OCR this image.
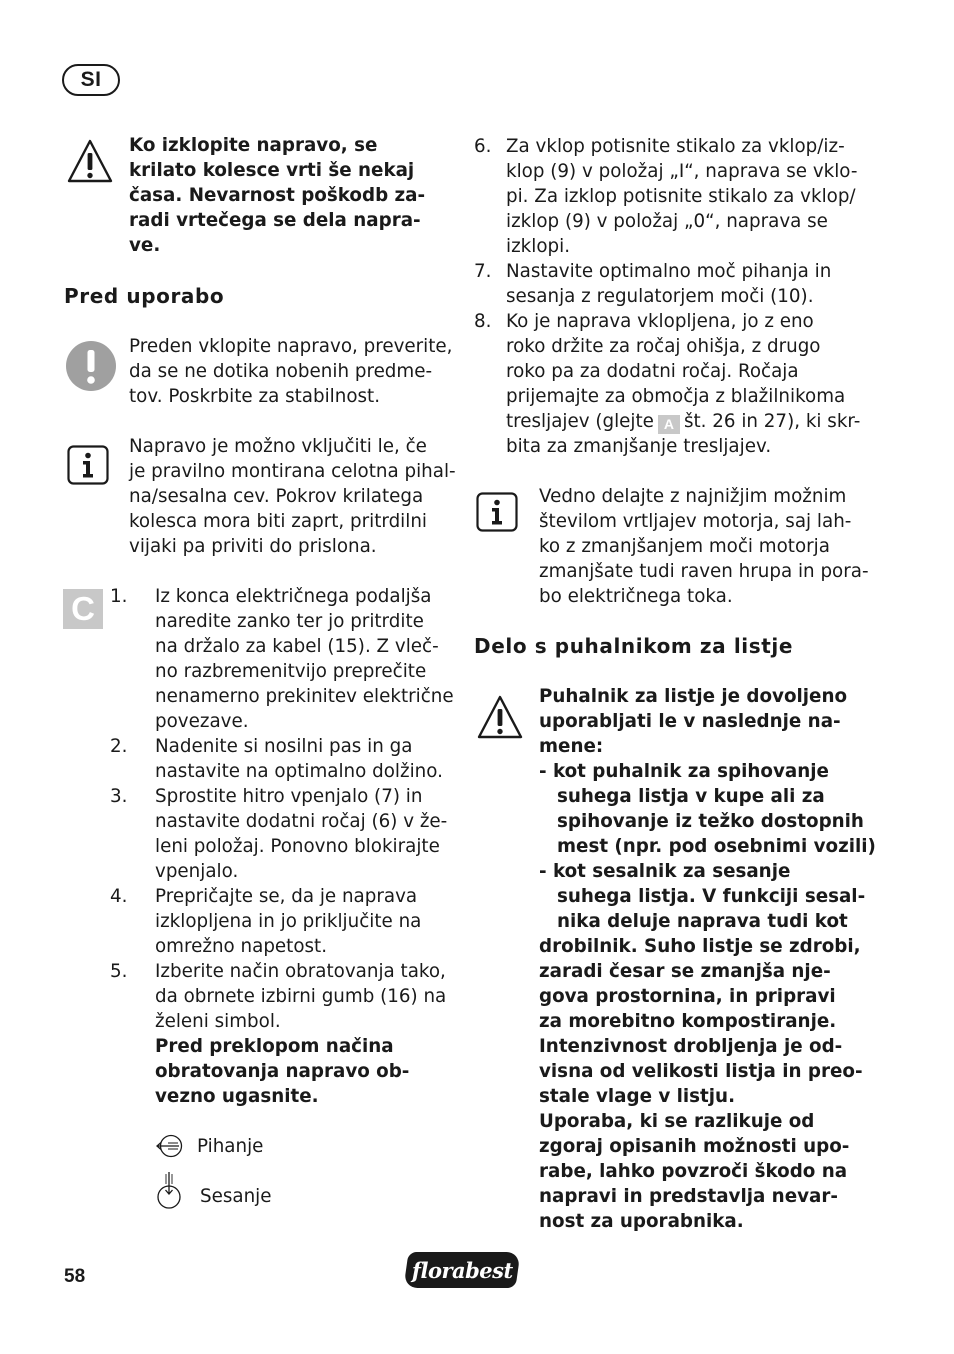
SI
Ko izklopite napravo, se
krilato kolesce vrti še nekaj
časa. Nevarnost poškodb za-
radi vrtečega se dela napra-
ve.
Pred uporabo
Preden vklopite napravo, preverite,
da se ne dotika nobenih predme-
tov. Poskrbite za stabilnost.
Napravo je možno vključiti le, če
je pravilno montirana celotna pihal-
na/sesalna cev. Pokrov krilatega
kolesca mora biti zaprt, pritrdilni
vijaki pa priviti do prislona.
C 1. Iz konca električnega podaljša
naredite zanko ter jo pritrdite
na držalo za kabel (15). Z vleč-
no razbremenitvijo preprečite
nenamerno prekinitev električne
povezave.
2. Nadenite si nosilni pas in ga
nastavite na optimalno dolžino.
3. Sprostite hitro vpenjalo (7) in
nastavite dodatni ročaj (6) v že-
leni položaj. Ponovno blokirajte
vpenjalo.
4. Prepričajte se, da je naprava
izklopljena in jo priključite na
omrežno napetost.
5. Izberite način obratovanja tako,
da obrnete izbirni gumb (16) na
želeni simbol.
Pred preklopom načina
obratovanja napravo ob-
vezno ugasnite.
Pihanje
Sesanje
6. Za vklop potisnite stikalo za vklop/iz-
klop (9) v položaj „I“, naprava se vklo-
pi. Za izklop potisnite stikalo za vklop/
izklop (9) v položaj „0“, naprava se
izklopi.
7. Nastavite optimalno moč pihanja in
sesanja z regulatorjem moči (10).
8. Ko je naprava vklopljena, jo z eno
roko držite za ročaj ohišja, z drugo
roko pa za dodatni ročaj. Ročaja
prijemajte za območja z blažilnikoma
tresljajev (glejte A št. 26 in 27), ki skr-
bita za zmanjšanje tresljajev.
Vedno delajte z najnižjim možnim
številom vrtljajev motorja, saj lah-
ko z zmanjšanjem moči motorja
zmanjšate tudi raven hrupa in pora-
bo električnega toka.
Delo s puhalnikom za listje
Puhalnik za listje je dovoljeno
uporabljati le v naslednje na-
mene:
- kot puhalnik za spihovanje
suhega listja v kupe ali za
spihovanje iz težko dostopnih
mest (npr. pod osebnimi vozili)
- kot sesalnik za sesanje
suhega listja. V funkciji sesal-
nika deluje naprava tudi kot
drobilnik. Suho listje se zdrobi,
zaradi česar se zmanjša nje-
gova prostornina, in pripravi
za morebitno kompostiranje.
Intenzivnost drobljenja je od-
visna od velikosti listja in preo-
stale vlage v listju.
Uporaba, ki se razlikuje od
zgoraj opisanih možnosti upo-
rabe, lahko povzroči škodo na
napravi in predstavlja nevar-
nost za uporabnika.
58	florabest
